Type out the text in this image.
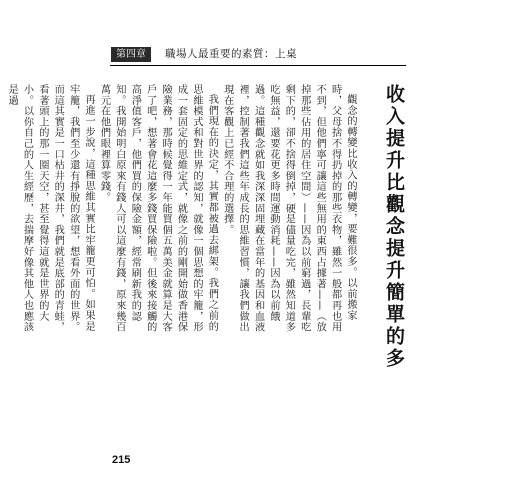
第四章	職場人最重要的素質：上桌
收入提升比觀念提升簡單的多

觀念的轉變比收入的轉變，要難很多。以前搬家時，父母捨不得扔掉的那些衣物，雖然一般都再也用不到，但他們寧可讓這些無用的東西占據著——（放掉那些佔用的居住空間）——因為以前窮過，長輩吃剩下的，卻不捨得倒掉，硬是儘量吃完，雖然知道多吃無益，還要花更多時間運動消耗——因為以前餓過。這種觀念就如我深深固埋藏在當年的基因和血液裡，控制著我們這些年成長的思維習慣，讓我們做出現在客觀上已經不合理的選擇。

我們現在的決定，其實都被過去綁架。我們之前的思維模式和對世界的認知，就像一個思想的牢籠，形成一套固定的思維定式，就像之前的剛開始做香港保險業務，那時候覺得一年能買個五萬美金就算是大客戶了吧，想著會花這麼多錢買保險啦。但後來接觸的高淨值客戶，他們買的保險金額，經常刷新我的認知。我開始明白原來有錢人可以這麼有錢，原來幾百萬元在他們眼裡算零錢。

再進一步說，這種思維其實比牢籠更可怕。如果是牢籠，我們至少還有掙脫的欲望，想看外面的世界。而這其實是一口枯井的深井，我們就是底部的青蛙，看著頭上的那一圈天空，甚至覺得這就是世界的大小。以你自己的人生經歷，去揣摩好像其他人也應該是過

215
